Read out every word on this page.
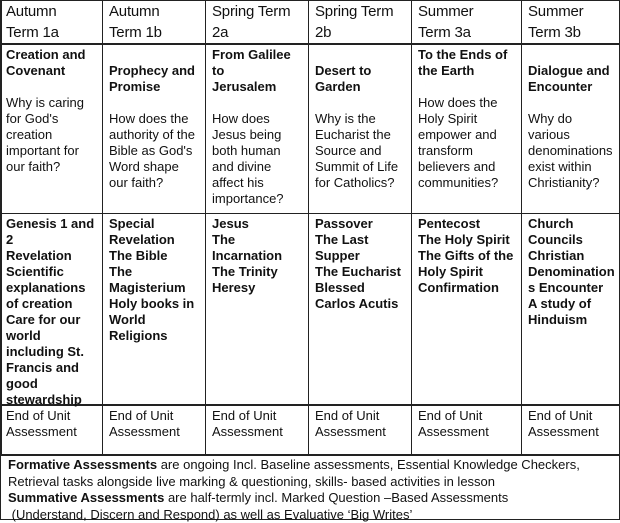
Autumn
Term 1a
Creation and
Covenant
Why is caring
for God's
creation
important for
our faith?
Genesis 1 and
2
Revelation
Scientific
explanations
of creation
Care for our
world
including St.
Francis and
good
stewardship
End of Unit
Assessment
Autumn
Term 1b
Prophecy and
Promise
How does the
authority of the
Bible as God's
Word shape
our faith?
Special
Revelation
The Bible
The
Magisterium
Holy books in
World
Religions
End of Unit
Assessment
Spring Term
2a
From Galilee
to
Jerusalem
How does
Jesus being
both human
and divine
affect his
importance?
Jesus
The
Incarnation
The Trinity
Heresy
End of Unit
Assessment
Spring Term
2b
Desert to
Garden
Why is the
Eucharist the
Source and
Summit of Life
for Catholics?
Passover
The Last
Supper
The Eucharist
Blessed
Carlos Acutis
End of Unit
Assessment
Summer
Term 3a
To the Ends of
the Earth
How does the
Holy Spirit
empower and
transform
believers and
communities?
Pentecost
The Holy Spirit
The Gifts of the
Holy Spirit
Confirmation
End of Unit
Assessment
Summer
Term 3b
Dialogue and
Encounter
Why do various
denominations
exist within
Christianity?
Church
Councils
Christian
Denomination
s Encounter
A study of
Hinduism
End of Unit
Assessment
Formative Assessments are ongoing Incl. Baseline assessments, Essential Knowledge Checkers, Retrieval tasks alongside live marking & questioning, skills- based activities in lesson
Summative Assessments are half-termly incl. Marked Question –Based Assessments
(Understand, Discern and Respond) as well as Evaluative ‘Big Writes’
